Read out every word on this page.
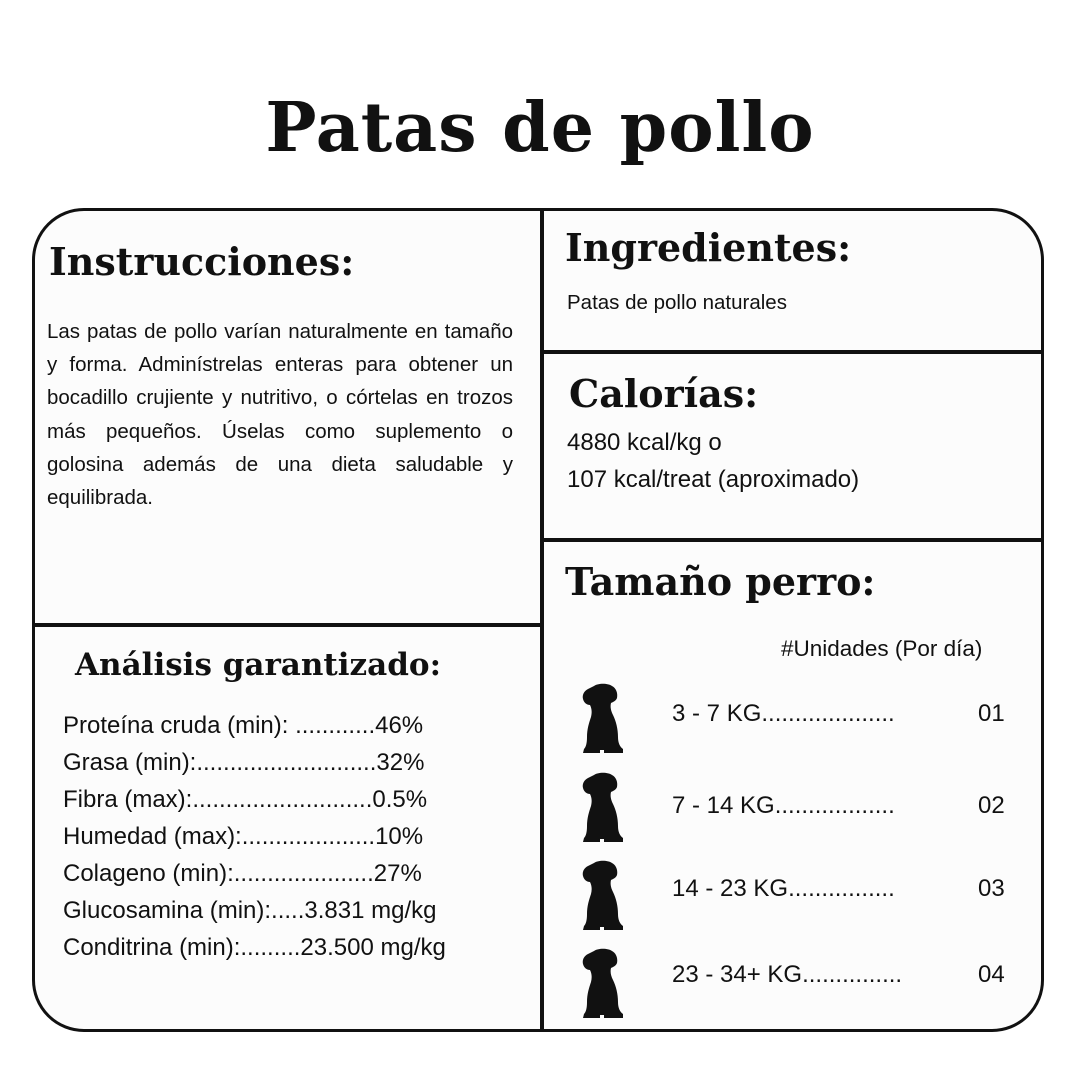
Patas de pollo
Instrucciones:

Las patas de pollo varían naturalmente en tamaño y forma. Adminístrelas enteras para obtener un bocadillo crujiente y nutritivo, o córtelas en trozos más pequeños. Úselas como suplemento o golosina además de una dieta saludable y equilibrada.

Análisis garantizado:
Proteína cruda (min): ............46%
Grasa (min):...........................32%
Fibra (max):...........................0.5%
Humedad (max):....................10%
Colageno (min):.....................27%
Glucosamina (min):.....3.831 mg/kg
Conditrina (min):.........23.500 mg/kg
Ingredientes:

Patas de pollo naturales

Calorías:

4880 kcal/kg o

107 kcal/treat (aproximado)

Tamaño perro:

#Unidades (Por día)

3 - 7 KG....................	01
7 - 14 KG..................	02
14 - 23 KG................	03
23 - 34+ KG...............	04
